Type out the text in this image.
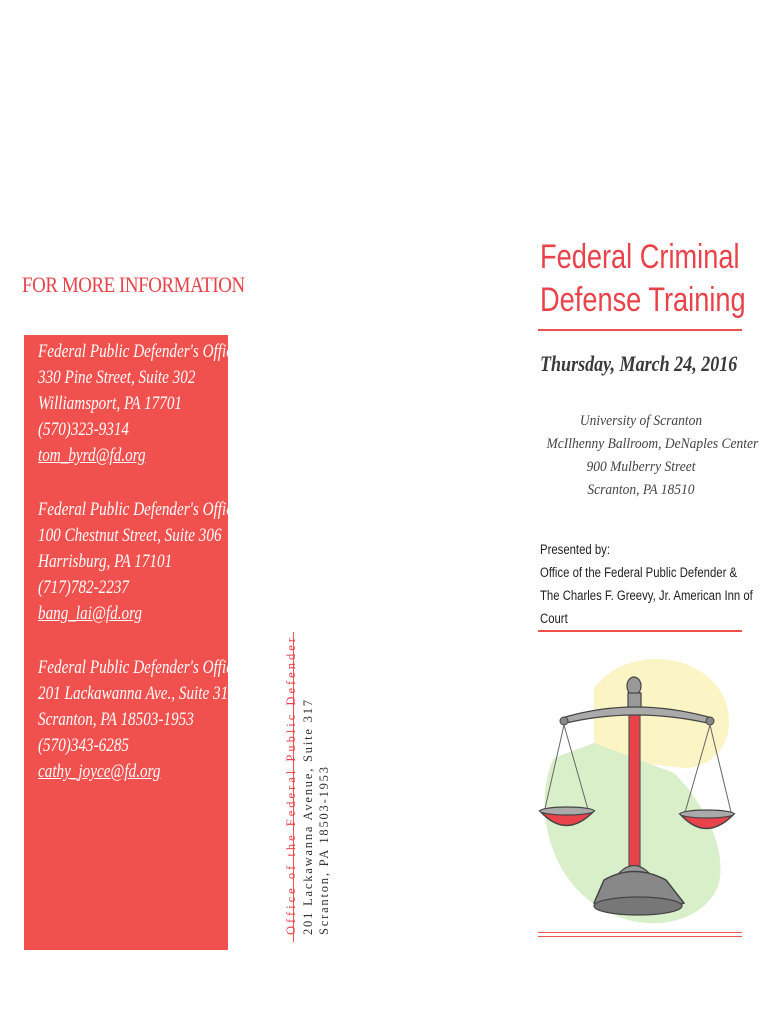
FOR MORE INFORMATION
Federal Public Defender's Office
330 Pine Street, Suite 302
Williamsport, PA 17701
(570)323-9314
tom_byrd@fd.org
Federal Public Defender's Office
100 Chestnut Street, Suite 306
Harrisburg, PA 17101
(717)782-2237
bang_lai@fd.org
Federal Public Defender's Office
201 Lackawanna Ave., Suite 317
Scranton, PA 18503-1953
(570)343-6285
cathy_joyce@fd.org	Office of the Federal Public Defender 201 Lackawanna Avenue, Suite 317 Scranton, PA 18503-1953
Federal Criminal
Defense Training
Thursday, March 24, 2016
University of Scranton
McIlhenny Ballroom, DeNaples Center
900 Mulberry Street
Scranton, PA 18510
Presented by:
Office of the Federal Public Defender &
The Charles F. Greevy, Jr. American Inn of
Court
